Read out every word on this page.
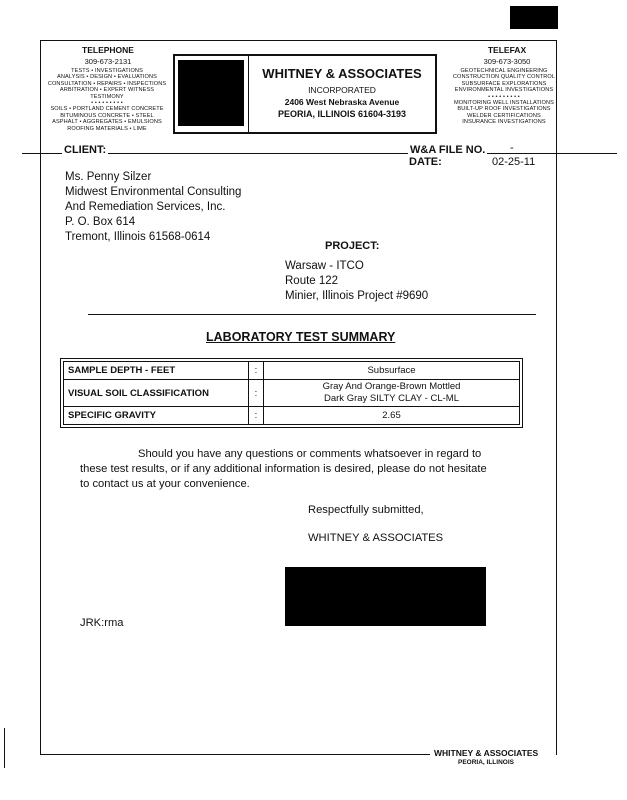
TELEPHONE
309-673-2131
TESTS • INVESTIGATIONS
ANALYSIS • DESIGN • EVALUATIONS
CONSULTATION • REPAIRS • INSPECTIONS
ARBITRATION • EXPERT WITNESS TESTIMONY
• • • • • • • • •
SOILS • PORTLAND CEMENT CONCRETE
BITUMINOUS CONCRETE • STEEL
ASPHALT • AGGREGATES • EMULSIONS
ROOFING MATERIALS • LIME
WHITNEY & ASSOCIATES
INCORPORATED
2406 West Nebraska Avenue
PEORIA, ILLINOIS 61604-3193
TELEFAX
309-673-3050
GEOTECHNICAL ENGINEERING
CONSTRUCTION QUALITY CONTROL
SUBSURFACE EXPLORATIONS
ENVIRONMENTAL INVESTIGATIONS
• • • • • • • • •
MONITORING WELL INSTALLATIONS
BUILT-UP ROOF INVESTIGATIONS
WELDER CERTIFICATIONS
INSURANCE INVESTIGATIONS
CLIENT:	W&A FILE NO. -
DATE:	02-25-11
Ms. Penny Silzer
Midwest Environmental Consulting
And Remediation Services, Inc.
P. O. Box 614
Tremont, Illinois 61568-0614
PROJECT:
Warsaw - ITCO
Route 122
Minier, Illinois Project #9690
LABORATORY TEST SUMMARY
SAMPLE DEPTH - FEET	:	Subsurface
VISUAL SOIL CLASSIFICATION	:	Gray And Orange-Brown Mottled
Dark Gray SILTY CLAY - CL-ML

SPECIFIC GRAVITY	:	2.65
Should you have any questions or comments whatsoever in regard to
these test results, or if any additional information is desired, please do not hesitate
to contact us at your convenience.
Respectfully submitted,
WHITNEY & ASSOCIATES
JRK:rma
WHITNEY & ASSOCIATES
PEORIA, ILLINOIS
